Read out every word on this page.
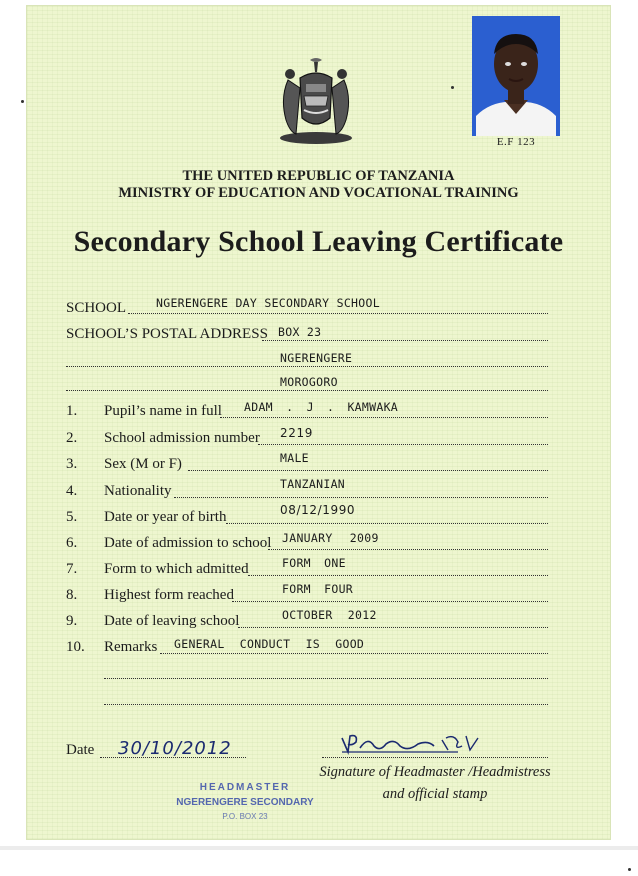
E.F 123
THE UNITED REPUBLIC OF TANZANIA
MINISTRY OF EDUCATION AND VOCATIONAL TRAINING
Secondary School Leaving Certificate
SCHOOL	NGERENGERE DAY SECONDARY SCHOOL
SCHOOL’S POSTAL ADDRESS BOX 23
NGERENGERE
MOROGORO
1. Pupil’s name in full ADAM . J . KAMWAKA
2. School admission number 2219
3. Sex (M or F)	MALE
4. Nationality	TANZANIAN
5. Date or year of birth	08/12/1990
6. Date of admission to school JANUARY 2009
7. Form to which admitted	FORM ONE
8. Highest form reached	FORM FOUR
9. Date of leaving school	OCTOBER 2012
10. Remarks GENERAL CONDUCT IS GOOD
Date 30/10/2012
Signature of Headmaster /Headmistress
and official stamp
HEADMASTER
NGERENGERE SECONDARY
P.O. BOX 23
